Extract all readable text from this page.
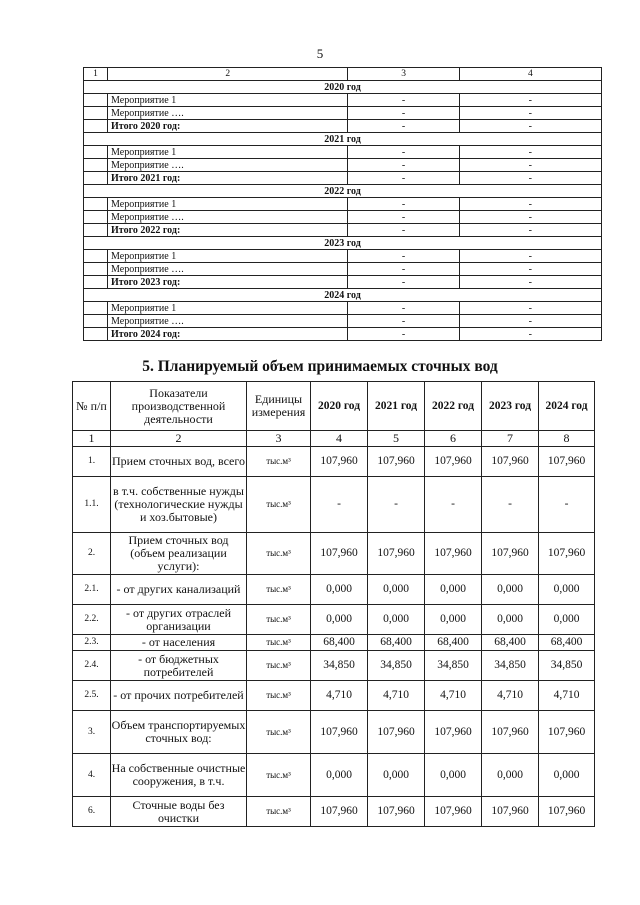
5
1	2	3	4
2020 год			
	Мероприятие 1	-	-
	Мероприятие ….	-	-
	Итого 2020 год:	-	-
2021 год			
	Мероприятие 1	-	-
	Мероприятие ….	-	-
	Итого 2021 год:	-	-
2022 год			
	Мероприятие 1	-	-
	Мероприятие ….	-	-
	Итого 2022 год:	-	-
2023 год			
	Мероприятие 1	-	-
	Мероприятие ….	-	-
	Итого 2023 год:	-	-
2024 год			
	Мероприятие 1	-	-
	Мероприятие ….	-	-
	Итого 2024 год:	-	-
5. Планируемый объем принимаемых сточных вод
№ п/п	Показатели производственной деятельности	Единицы измерения	2020 год	2021 год	2022 год	2023 год	2024 год
1	2	3	4	5	6	7	8
1.	Прием сточных вод, всего	тыс.м³	107,960	107,960	107,960	107,960	107,960
1.1.	в т.ч. собственные нужды (технологические нужды и хоз.бытовые)	тыс.м³	-	-	-	-	-
2.	Прием сточных вод (объем реализации услуги):	тыс.м³	107,960	107,960	107,960	107,960	107,960
2.1.	- от других канализаций	тыс.м³	0,000	0,000	0,000	0,000	0,000
2.2.	- от других отраслей организации	тыс.м³	0,000	0,000	0,000	0,000	0,000
2.3.	- от населения	тыс.м³	68,400	68,400	68,400	68,400	68,400
2.4.	- от бюджетных потребителей	тыс.м³	34,850	34,850	34,850	34,850	34,850
2.5.	- от прочих потребителей	тыс.м³	4,710	4,710	4,710	4,710	4,710
3.	Объем транспортируемых сточных вод:	тыс.м³	107,960	107,960	107,960	107,960	107,960
4.	На собственные очистные сооружения, в т.ч.	тыс.м³	0,000	0,000	0,000	0,000	0,000
6.	Сточные воды без очистки	тыс.м³	107,960	107,960	107,960	107,960	107,960
